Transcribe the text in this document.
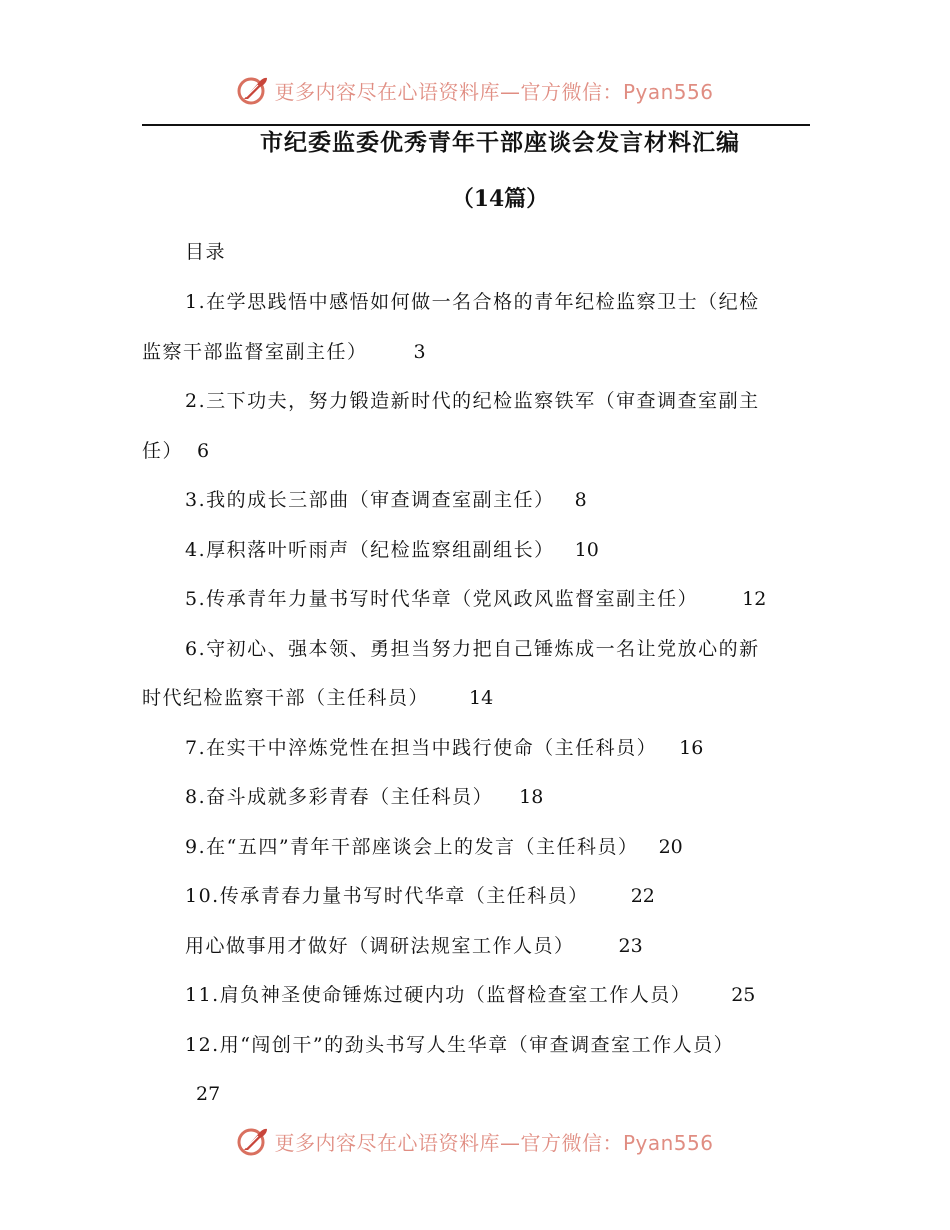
更多内容尽在心语资料库—官方微信：Pyan556
市纪委监委优秀青年干部座谈会发言材料汇编
（14篇）
目录
1.在学思践悟中感悟如何做一名合格的青年纪检监察卫士（纪检
监察干部监督室副主任） 3
2.三下功夫，努力锻造新时代的纪检监察铁军（审查调查室副主
任） 6
3.我的成长三部曲（审查调查室副主任） 8
4.厚积落叶听雨声（纪检监察组副组长） 10
5.传承青年力量书写时代华章（党风政风监督室副主任） 12
6.守初心、强本领、勇担当努力把自己锤炼成一名让党放心的新
时代纪检监察干部（主任科员） 14
7.在实干中淬炼党性在担当中践行使命（主任科员） 16
8.奋斗成就多彩青春（主任科员） 18
9.在“五四”青年干部座谈会上的发言（主任科员） 20
10.传承青春力量书写时代华章（主任科员） 22
用心做事用才做好（调研法规室工作人员） 23
11.肩负神圣使命锤炼过硬内功（监督检查室工作人员） 25
12.用“闯创干”的劲头书写人生华章（审查调查室工作人员）
27
更多内容尽在心语资料库—官方微信：Pyan556
